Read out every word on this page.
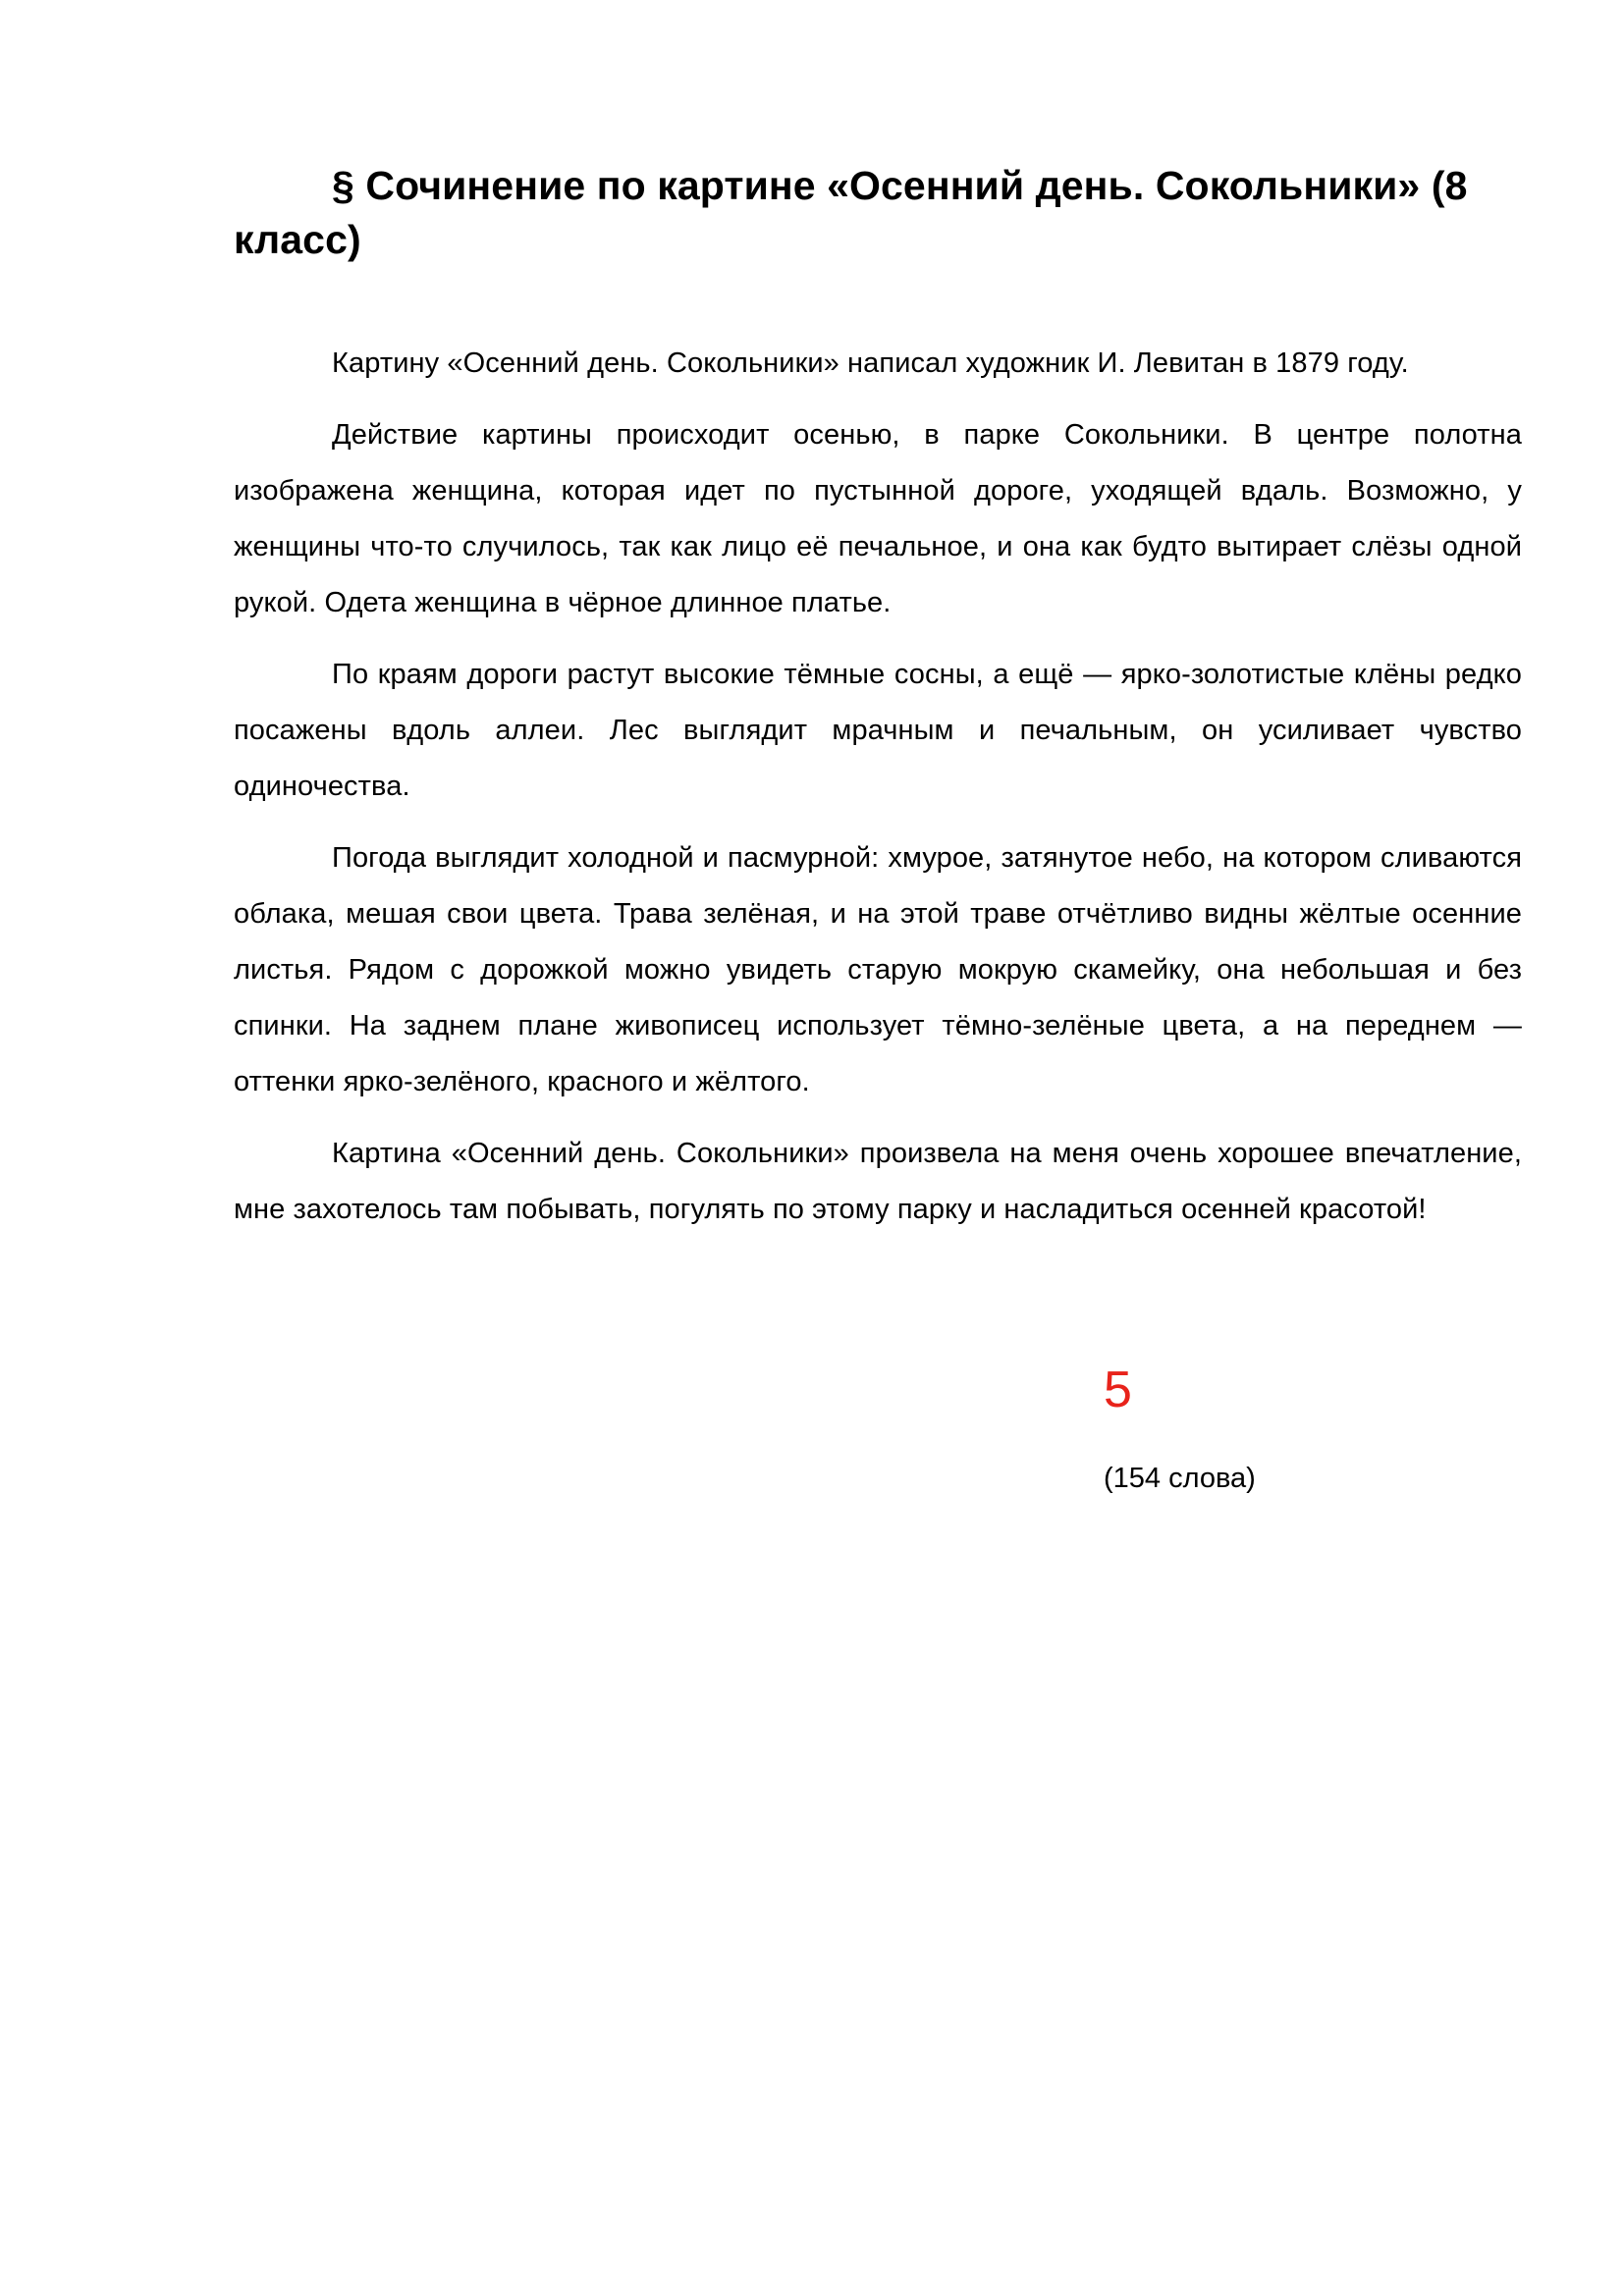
§ Сочинение по картине «Осенний день. Сокольники» (8 класс)

Картину «Осенний день. Сокольники» написал художник И. Левитан в 1879 году.

Действие картины происходит осенью, в парке Сокольники. В центре полотна изображена женщина, которая идет по пустынной дороге, уходящей вдаль. Возможно, у женщины что-то случилось, так как лицо её печальное, и она как будто вытирает слёзы одной рукой. Одета женщина в чёрное длинное платье.

По краям дороги растут высокие тёмные сосны, а ещё — ярко-золотистые клёны редко посажены вдоль аллеи. Лес выглядит мрачным и печальным, он усиливает чувство одиночества.

Погода выглядит холодной и пасмурной: хмурое, затянутое небо, на котором сливаются облака, мешая свои цвета. Трава зелёная, и на этой траве отчётливо видны жёлтые осенние листья. Рядом с дорожкой можно увидеть старую мокрую скамейку, она небольшая и без спинки. На заднем плане живописец использует тёмно-зелёные цвета, а на переднем — оттенки ярко-зелёного, красного и жёлтого.

Картина «Осенний день. Сокольники» произвела на меня очень хорошее впечатление, мне захотелось там побывать, погулять по этому парку и насладиться осенней красотой!

5
(154 слова)
